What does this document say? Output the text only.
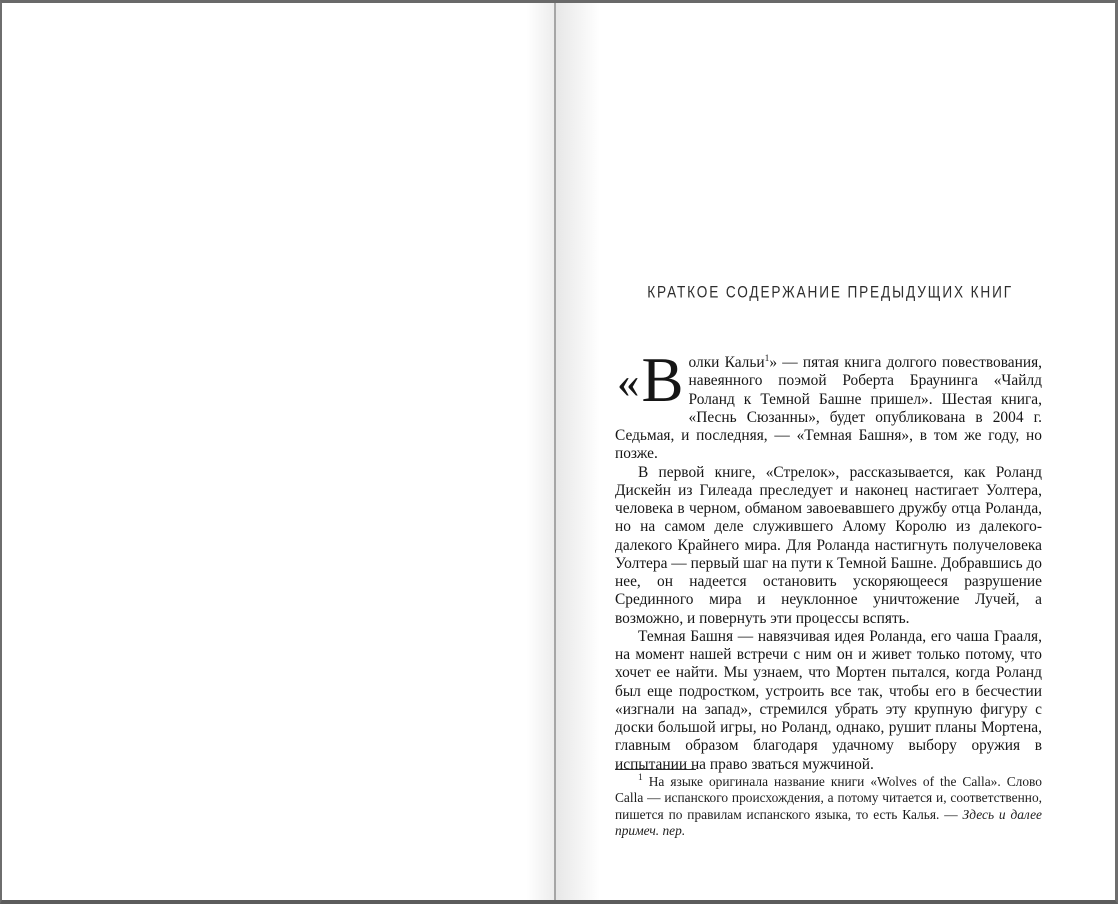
КРАТКОЕ СОДЕРЖАНИЕ ПРЕДЫДУЩИХ КНИГ

« В олки Кальи$^1$» — пятая книга долгого повествования, навеянного поэмой Роберта Браунинга «Чайлд Роланд к Темной Башне пришел». Шестая книга, «Песнь Сюзанны», будет опубликована в 2004 г. Седьмая, и последняя, — «Темная Башня», в том же году, но позже.

В первой книге, «Стрелок», рассказывается, как Роланд Дискейн из Гилеада преследует и наконец настигает Уолтера, человека в черном, обманом завоевавшего дружбу отца Роланда, но на самом деле служившего Алому Королю из далекого-далекого Крайнего мира. Для Роланда настигнуть получеловека Уолтера — первый шаг на пути к Темной Башне. Добравшись до нее, он надеется остановить ускоряющееся разрушение Срединного мира и неуклонное уничтожение Лучей, а возможно, и повернуть эти процессы вспять.

Темная Башня — навязчивая идея Роланда, его чаша Грааля, на момент нашей встречи с ним он и живет только потому, что хочет ее найти. Мы узнаем, что Мортен пытался, когда Роланд был еще подростком, устроить все так, чтобы его в бесчестии «изгнали на запад», стремился убрать эту крупную фигуру с доски большой игры, но Роланд, однако, рушит планы Мортена, главным образом благодаря удачному выбору оружия в испытании на право зваться мужчиной.

$^1$ На языке оригинала название книги «Wolves of the Calla». Слово Calla — испанского происхождения, а потому читается и, соответственно, пишется по правилам испанского языка, то есть Калья. — Здесь и далее примеч. пер.
